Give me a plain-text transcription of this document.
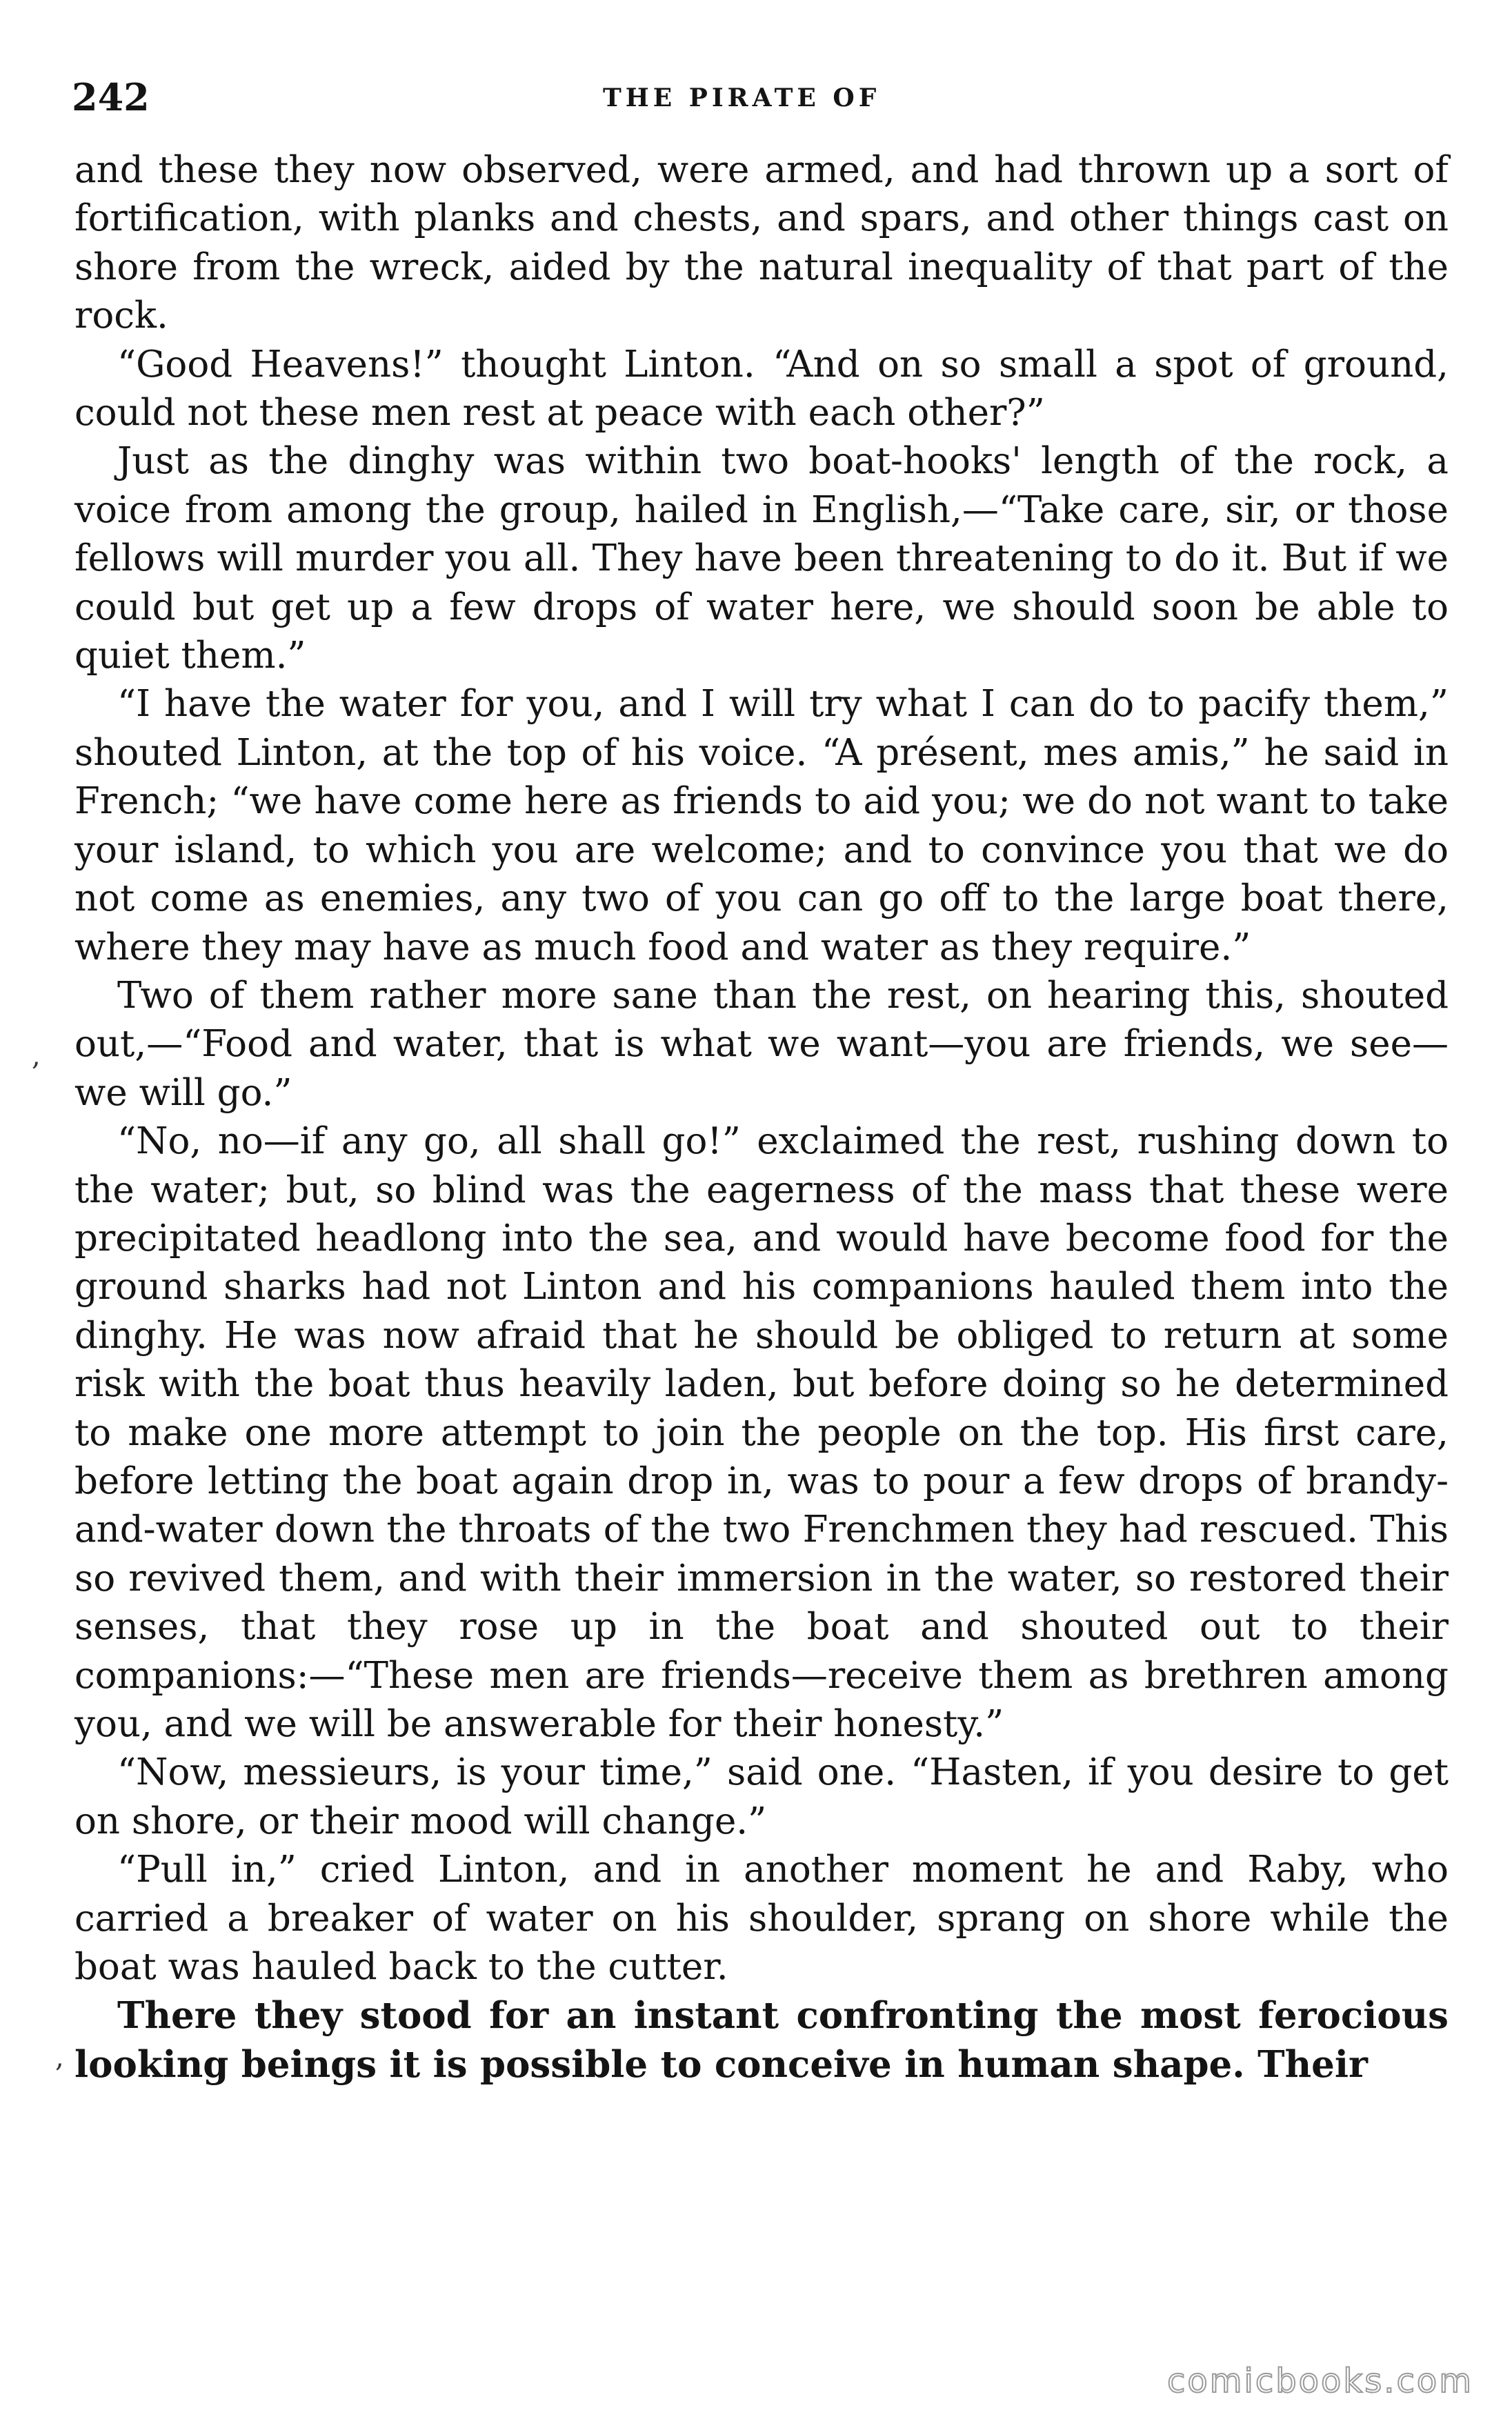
242	THE PIRATE OF

and these they now observed, were armed, and had thrown up a sort of fortification, with planks and chests, and spars, and other things cast on shore from the wreck, aided by the natural inequality of that part of the rock.

“Good Heavens!” thought Linton. “And on so small a spot of ground, could not these men rest at peace with each other?”

Just as the dinghy was within two boat-hooks' length of the rock, a voice from among the group, hailed in English,—“Take care, sir, or those fellows will murder you all. They have been threatening to do it. But if we could but get up a few drops of water here, we should soon be able to quiet them.”

“I have the water for you, and I will try what I can do to pacify them,” shouted Linton, at the top of his voice. “A présent, mes amis,” he said in French; “we have come here as friends to aid you; we do not want to take your island, to which you are welcome; and to convince you that we do not come as enemies, any two of you can go off to the large boat there, where they may have as much food and water as they require.”

Two of them rather more sane than the rest, on hearing this, shouted out,—“Food and water, that is what we want—you are friends, we see—we will go.”

“No, no—if any go, all shall go!” exclaimed the rest, rushing down to the water; but, so blind was the eagerness of the mass that these were precipitated headlong into the sea, and would have become food for the ground sharks had not Linton and his companions hauled them into the dinghy. He was now afraid that he should be obliged to return at some risk with the boat thus heavily laden, but before doing so he determined to make one more attempt to join the people on the top. His first care, before letting the boat again drop in, was to pour a few drops of brandy-and-water down the throats of the two Frenchmen they had rescued. This so revived them, and with their immersion in the water, so restored their senses, that they rose up in the boat and shouted out to their companions:—“These men are friends—receive them as brethren among you, and we will be answerable for their honesty.”

“Now, messieurs, is your time,” said one. “Hasten, if you desire to get on shore, or their mood will change.”

“Pull in,” cried Linton, and in another moment he and Raby, who carried a breaker of water on his shoulder, sprang on shore while the boat was hauled back to the cutter.

There they stood for an instant confronting the most ferocious looking beings it is possible to conceive in human shape. Their

,
,
comicbooks.com
